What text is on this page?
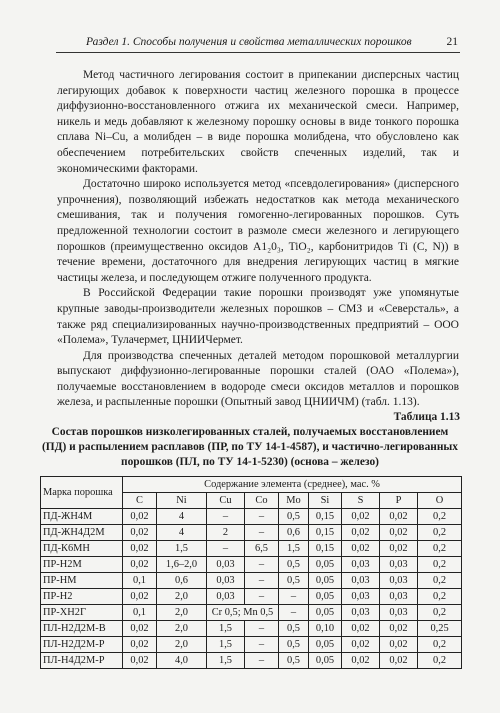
Раздел 1. Способы получения и свойства металлических порошков	21

Метод частичного легирования состоит в припекании дисперсных частиц легирующих добавок к поверхности частиц железного порошка в процессе диффузионно-восстановленного отжига их механической смеси. Например, никель и медь добавляют к железному порошку основы в виде тонкого порошка сплава Ni–Cu, а молибден – в виде порошка молибдена, что обусловлено как обеспечением потребительских свойств спеченных изделий, так и экономическими факторами.

Достаточно широко используется метод «псевдолегирования» (дисперсного упрочнения), позволяющий избежать недостатков как метода механического смешивания, так и получения гомогенно-легированных порошков. Суть предложенной технологии состоит в размоле смеси железного и легирующего порошков (преимущественно оксидов A1₂0₃, TiO₂, карбонитридов Ti (C, N)) в течение времени, достаточного для внедрения легирующих частиц в мягкие частицы железа, и последующем отжиге полученного продукта.

В Российской Федерации такие порошки производят уже упомянутые крупные заводы-производители железных порошков – СМЗ и «Северсталь», а также ряд специализированных научно-производственных предприятий – ООО «Полема», Тулачермет, ЦНИИЧермет.

Для производства спеченных деталей методом порошковой металлургии выпускают диффузионно-легированные порошки сталей (ОАО «Полема»), получаемые восстановлением в водороде смеси оксидов металлов и порошков железа, и распыленные порошки (Опытный завод ЦНИИЧМ) (табл. 1.13).

Таблица 1.13
Состав порошков низколегированных сталей, получаемых восстановлением (ПД) и распылением расплавов (ПР, по ТУ 14-1-4587), и частично-легированных порошков (ПЛ, по ТУ 14-1-5230) (основа – железо)
Марка порошка	Содержание элемента (среднее), мас. %								
	C	Ni	Cu	Co	Mo	Si	S	P	O
ПД-ЖН4М	0,02	4	–	–	0,5	0,15	0,02	0,02	0,2
ПД-ЖН4Д2М	0,02	4	2	–	0,6	0,15	0,02	0,02	0,2
ПД-К6МН	0,02	1,5	–	6,5	1,5	0,15	0,02	0,02	0,2
ПР-Н2М	0,02	1,6–2,0	0,03	–	0,5	0,05	0,03	0,03	0,2
ПР-НМ	0,1	0,6	0,03	–	0,5	0,05	0,03	0,03	0,2
ПР-Н2	0,02	2,0	0,03	–	–	0,05	0,03	0,03	0,2
ПР-ХН2Г	0,1	2,0	Cr 0,5; Mn 0,5		–	0,05	0,03	0,03	0,2
ПЛ-Н2Д2М-В	0,02	2,0	1,5	–	0,5	0,10	0,02	0,02	0,25
ПЛ-Н2Д2М-Р	0,02	2,0	1,5	–	0,5	0,05	0,02	0,02	0,2
ПЛ-Н4Д2М-Р	0,02	4,0	1,5	–	0,5	0,05	0,02	0,02	0,2
